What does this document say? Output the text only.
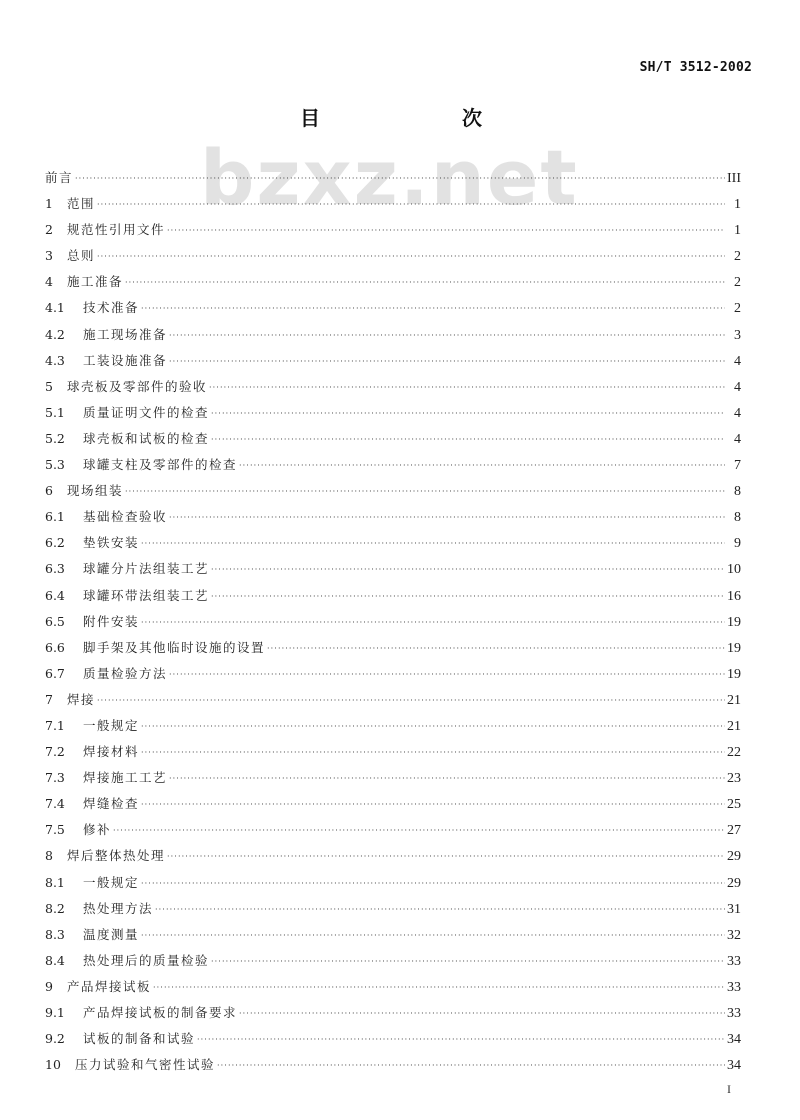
SH/T 3512-2002
目	次
bzxz.net
前言 ·····	III
1	范围 ·····	1
2	规范性引用文件 ·····	1
3	总则 ·····	2
4	施工准备 ·····	2
4.1	技术准备 ·····	2
4.2	施工现场准备 ·····	3
4.3	工装设施准备 ·····	4
5	球壳板及零部件的验收 ·····	4
5.1	质量证明文件的检查 ·····	4
5.2	球壳板和试板的检查 ·····	4
5.3	球罐支柱及零部件的检查 ·····	7
6	现场组装 ·····	8
6.1	基础检查验收 ·····	8
6.2	垫铁安装 ·····	9
6.3	球罐分片法组装工艺 ·····	10
6.4	球罐环带法组装工艺 ·····	16
6.5	附件安装 ·····	19
6.6	脚手架及其他临时设施的设置 ·····	19
6.7	质量检验方法 ·····	19
7	焊接 ·····	21
7.1	一般规定 ·····	21
7.2	焊接材料 ·····	22
7.3	焊接施工工艺 ·····	23
7.4	焊缝检查 ·····	25
7.5	修补 ·····	27
8	焊后整体热处理 ·····	29
8.1	一般规定 ·····	29
8.2	热处理方法 ·····	31
8.3	温度测量 ·····	32
8.4	热处理后的质量检验 ·····	33
9	产品焊接试板 ·····	33
9.1	产品焊接试板的制备要求 ·····	33
9.2	试板的制备和试验 ·····	34
10	压力试验和气密性试验 ·····	34
I
